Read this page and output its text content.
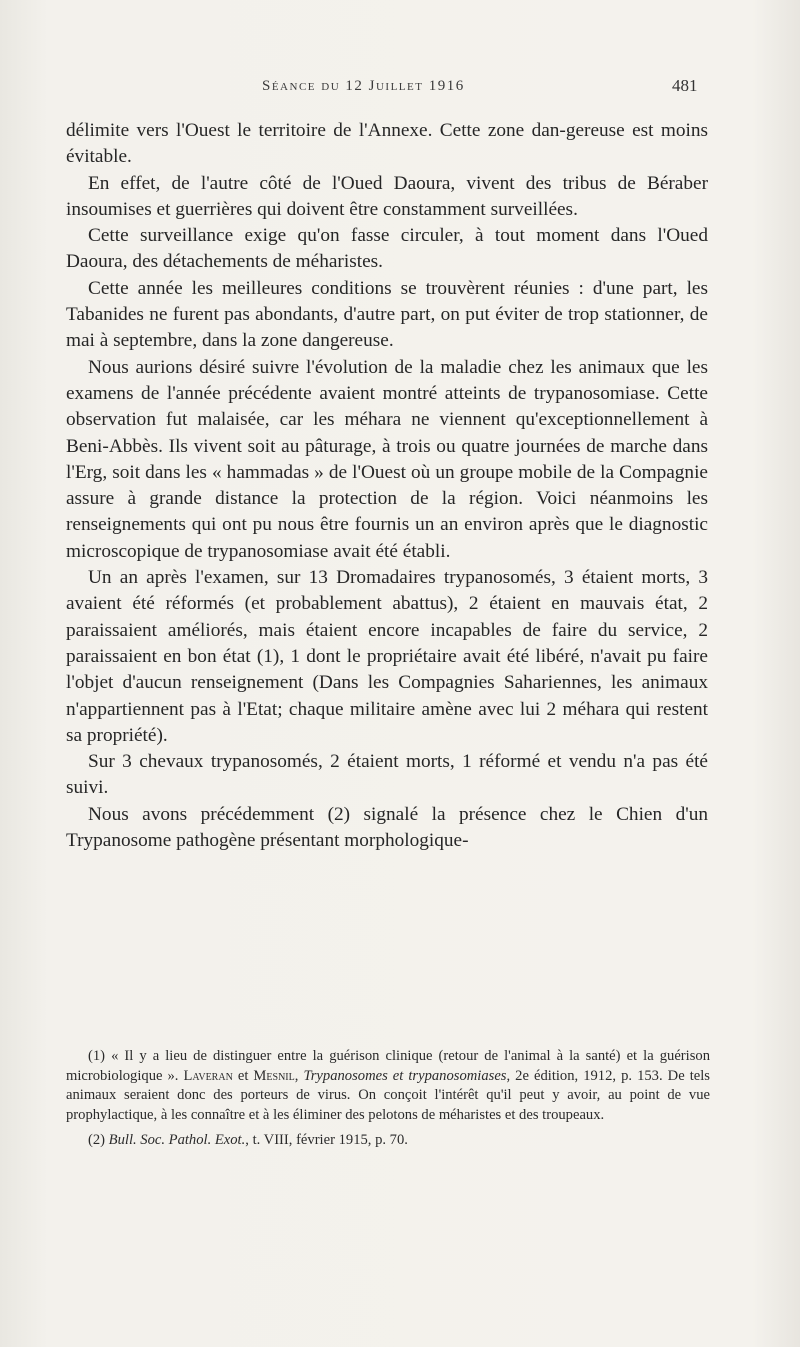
Séance du 12 Juillet 1916	481

délimite vers l'Ouest le territoire de l'Annexe. Cette zone dan-gereuse est moins évitable.

En effet, de l'autre côté de l'Oued Daoura, vivent des tribus de Béraber insoumises et guerrières qui doivent être constamment surveillées.

Cette surveillance exige qu'on fasse circuler, à tout moment dans l'Oued Daoura, des détachements de méharistes.

Cette année les meilleures conditions se trouvèrent réunies : d'une part, les Tabanides ne furent pas abondants, d'autre part, on put éviter de trop stationner, de mai à septembre, dans la zone dangereuse.

Nous aurions désiré suivre l'évolution de la maladie chez les animaux que les examens de l'année précédente avaient montré atteints de trypanosomiase. Cette observation fut malaisée, car les méhara ne viennent qu'exceptionnellement à Beni-Abbès. Ils vivent soit au pâturage, à trois ou quatre journées de marche dans l'Erg, soit dans les « hammadas » de l'Ouest où un groupe mobile de la Compagnie assure à grande distance la protection de la région. Voici néanmoins les renseignements qui ont pu nous être fournis un an environ après que le diagnostic microscopique de trypanosomiase avait été établi.

Un an après l'examen, sur 13 Dromadaires trypanosomés, 3 étaient morts, 3 avaient été réformés (et probablement abattus), 2 étaient en mauvais état, 2 paraissaient améliorés, mais étaient encore incapables de faire du service, 2 paraissaient en bon état (1), 1 dont le propriétaire avait été libéré, n'avait pu faire l'objet d'aucun renseignement (Dans les Compagnies Sahariennes, les animaux n'appartiennent pas à l'Etat; chaque militaire amène avec lui 2 méhara qui restent sa propriété).

Sur 3 chevaux trypanosomés, 2 étaient morts, 1 réformé et vendu n'a pas été suivi.

Nous avons précédemment (2) signalé la présence chez le Chien d'un Trypanosome pathogène présentant morphologique-

(1) « Il y a lieu de distinguer entre la guérison clinique (retour de l'animal à la santé) et la guérison microbiologique ». Laveran et Mesnil, Trypanosomes et trypanosomiases, 2e édition, 1912, p. 153. De tels animaux seraient donc des porteurs de virus. On conçoit l'intérêt qu'il peut y avoir, au point de vue prophylactique, à les connaître et à les éliminer des pelotons de méharistes et des troupeaux.

(2) Bull. Soc. Pathol. Exot., t. VIII, février 1915, p. 70.
